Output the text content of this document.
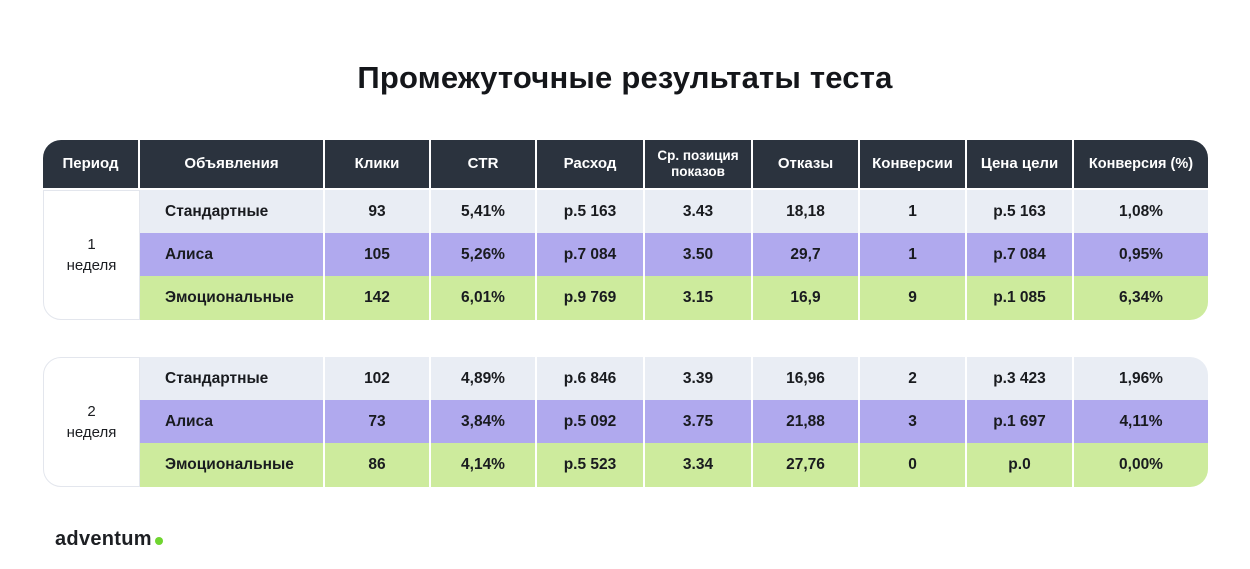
Промежуточные результаты теста
Период	Объявления	Клики	CTR	Расход	Ср. позиция показов	Отказы	Конверсии	Цена цели	Конверсия (%)
1
неделя
Стандартные	93	5,41%	р.5 163	3.43	18,18	1	р.5 163	1,08%
Алиса	105	5,26%	р.7 084	3.50	29,7	1	р.7 084	0,95%
Эмоциональные	142	6,01%	р.9 769	3.15	16,9	9	р.1 085	6,34%
2
неделя
Стандартные	102	4,89%	р.6 846	3.39	16,96	2	р.3 423	1,96%
Алиса	73	3,84%	р.5 092	3.75	21,88	3	р.1 697	4,11%
Эмоциональные	86	4,14%	р.5 523	3.34	27,76	0	р.0	0,00%
adventum
